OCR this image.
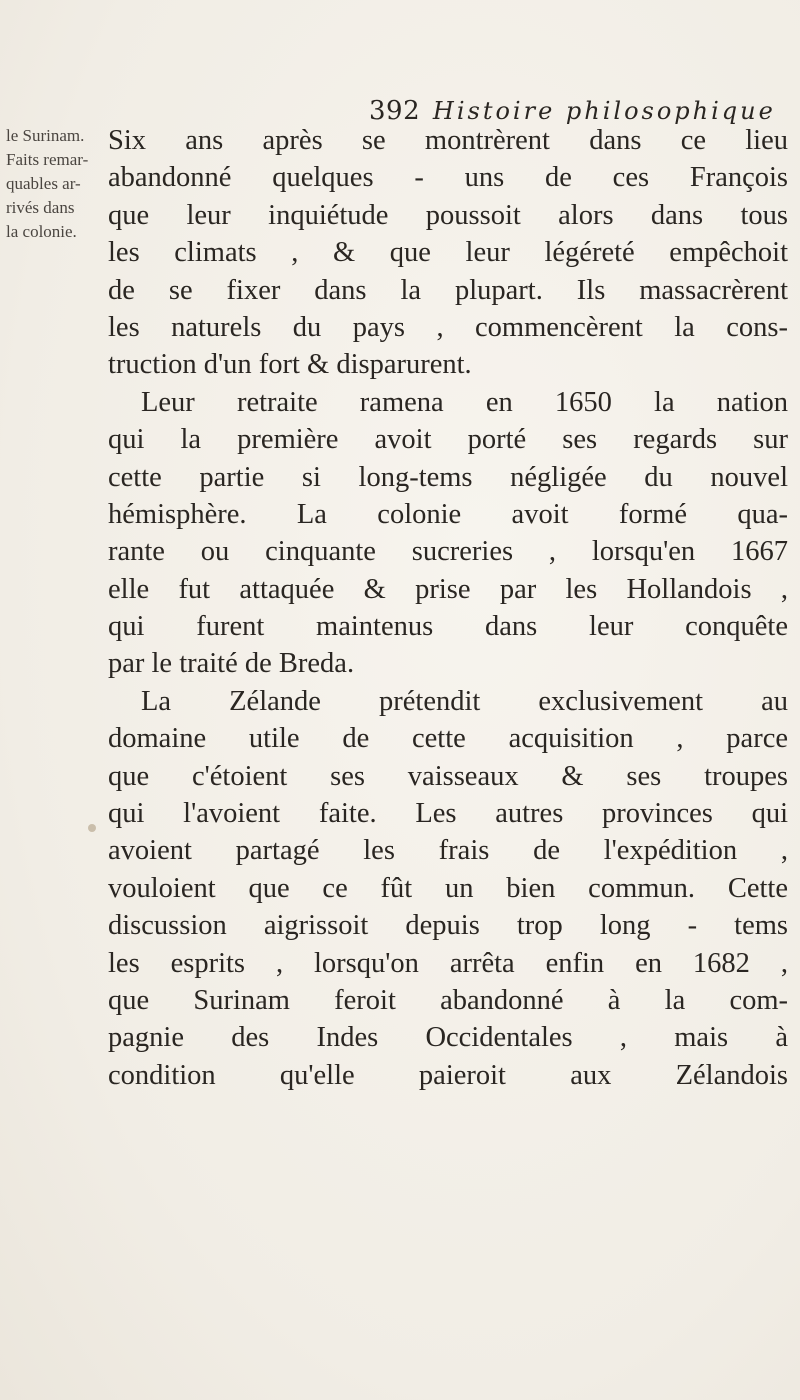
392 Histoire philosophique
le Surinam.
Faits remar-
quables ar-
rivés dans
la colonie.
Six ans après se montrèrent dans ce lieu
abandonné quelques - uns de ces François
que leur inquiétude poussoit alors dans tous
les climats , & que leur légéreté empêchoit
de se fixer dans la plupart. Ils massacrèrent
les naturels du pays , commencèrent la cons-
truction d'un fort & disparurent.
Leur retraite ramena en 1650 la nation
qui la première avoit porté ses regards sur
cette partie si long-tems négligée du nouvel
hémisphère. La colonie avoit formé qua-
rante ou cinquante sucreries , lorsqu'en 1667
elle fut attaquée & prise par les Hollandois ,
qui furent maintenus dans leur conquête
par le traité de Breda.
La Zélande prétendit exclusivement au
domaine utile de cette acquisition , parce
que c'étoient ses vaisseaux & ses troupes
qui l'avoient faite. Les autres provinces qui
avoient partagé les frais de l'expédition ,
vouloient que ce fût un bien commun. Cette
discussion aigrissoit depuis trop long - tems
les esprits , lorsqu'on arrêta enfin en 1682 ,
que Surinam feroit abandonné à la com-
pagnie des Indes Occidentales , mais à
condition qu'elle paieroit aux Zélandois
